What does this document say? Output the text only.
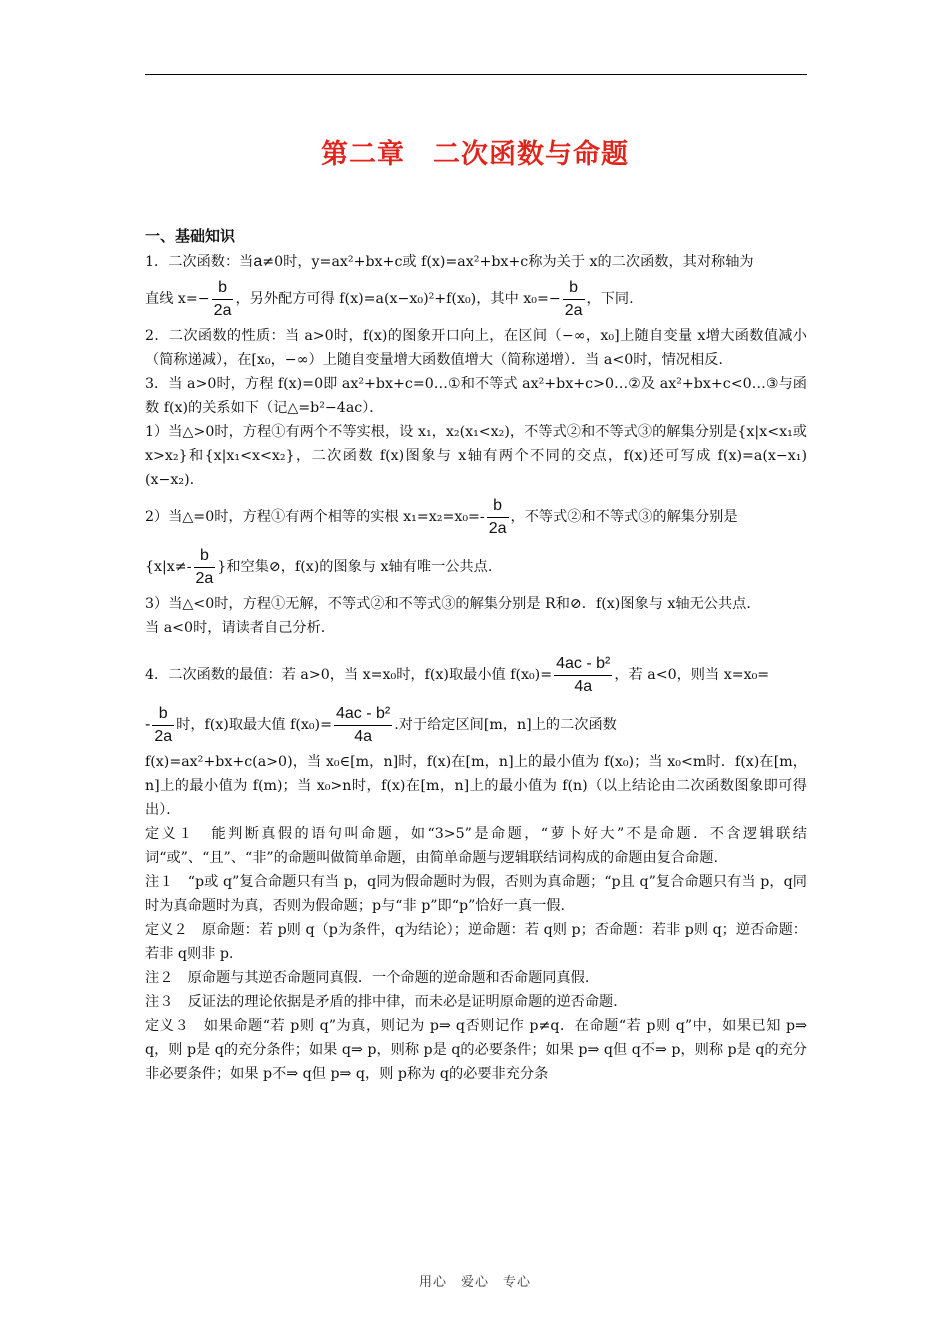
第二章　二次函数与命题
一、基础知识

1．二次函数：当a≠0时，y=ax²+bx+c或 f(x)=ax²+bx+c称为关于 x的二次函数，其对称轴为

直线 $x=- \frac{b}{2a}$ ，另外配方可得 f(x)=a(x−x₀)²+f(x₀)，其中 $x_0=- \frac{b}{2a}$ ，下同.

2．二次函数的性质：当 a>0时，f(x)的图象开口向上，在区间（−∞，x₀]上随自变量 x增大函数值减小（简称递减），在[x₀，−∞）上随自变量增大函数值增大（简称递增）．当 a<0时，情况相反.

3．当 a>0时，方程 f(x)=0即 ax²+bx+c=0…①和不等式 ax²+bx+c>0…②及 ax²+bx+c<0…③与函数 f(x)的关系如下（记△=b²−4ac）．

1）当△>0时，方程①有两个不等实根，设 x₁，x₂(x₁<x₂)，不等式②和不等式③的解集分别是{x|x<x₁或 x>x₂}和{x|x₁<x<x₂}，二次函数 f(x)图象与 x轴有两个不同的交点，f(x)还可写成 f(x)=a(x−x₁)(x−x₂).

2）当△=0时，方程①有两个相等的实根 $x_1=x_2=x_0=- \frac{b}{2a}$ ，不等式②和不等式③的解集分别是

{$x|x\ne- \frac{b}{2a}$ }和空集⊘，f(x)的图象与 x轴有唯一公共点.

3）当△<0时，方程①无解，不等式②和不等式③的解集分别是 R和⊘．f(x)图象与 x轴无公共点.

当 a<0时，请读者自己分析.

4．二次函数的最值：若 a>0，当 x=x₀时，f(x)取最小值 $f(x_0)= \frac{\text{4ac - b²}}{4a}$ ，若 a<0，则当 x=x₀=

- $\frac{b}{2a}$ 时，f(x)取最大值 $f(x_0)= \frac{\text{4ac - b²}}{4a}$ .对于给定区间[m，n]上的二次函数

f(x)=ax²+bx+c(a>0)，当 x₀∈[m，n]时，f(x)在[m，n]上的最小值为 f(x₀)；当 x₀<m时．f(x)在[m，n]上的最小值为 f(m)；当 x₀>n时，f(x)在[m，n]上的最小值为 f(n)（以上结论由二次函数图象即可得出）．

定义１　能判断真假的语句叫命题，如“3>5”是命题，“萝卜好大”不是命题．不含逻辑联结词“或”、“且”、“非”的命题叫做简单命题，由简单命题与逻辑联结词构成的命题由复合命题.

注１　“p或 q”复合命题只有当 p，q同为假命题时为假，否则为真命题；“p且 q”复合命题只有当 p，q同时为真命题时为真，否则为假命题；p与“非 p”即“p”恰好一真一假.

定义２　原命题：若 p则 q（p为条件，q为结论）；逆命题：若 q则 p；否命题：若非 p则 q；逆否命题：若非 q则非 p.

注２　原命题与其逆否命题同真假．一个命题的逆命题和否命题同真假.

注３　反证法的理论依据是矛盾的排中律，而未必是证明原命题的逆否命题.

定义３　如果命题“若 p则 q”为真，则记为 p⇒ q否则记作 p≠q．在命题“若 p则 q”中，如果已知 p⇒ q，则 p是 q的充分条件；如果 q⇒ p，则称 p是 q的必要条件；如果 p⇒ q但 q不⇒ p，则称 p是 q的充分非必要条件；如果 p不⇒ q但 p⇒ q，则 p称为 q的必要非充分条

用心　爱心　专心
